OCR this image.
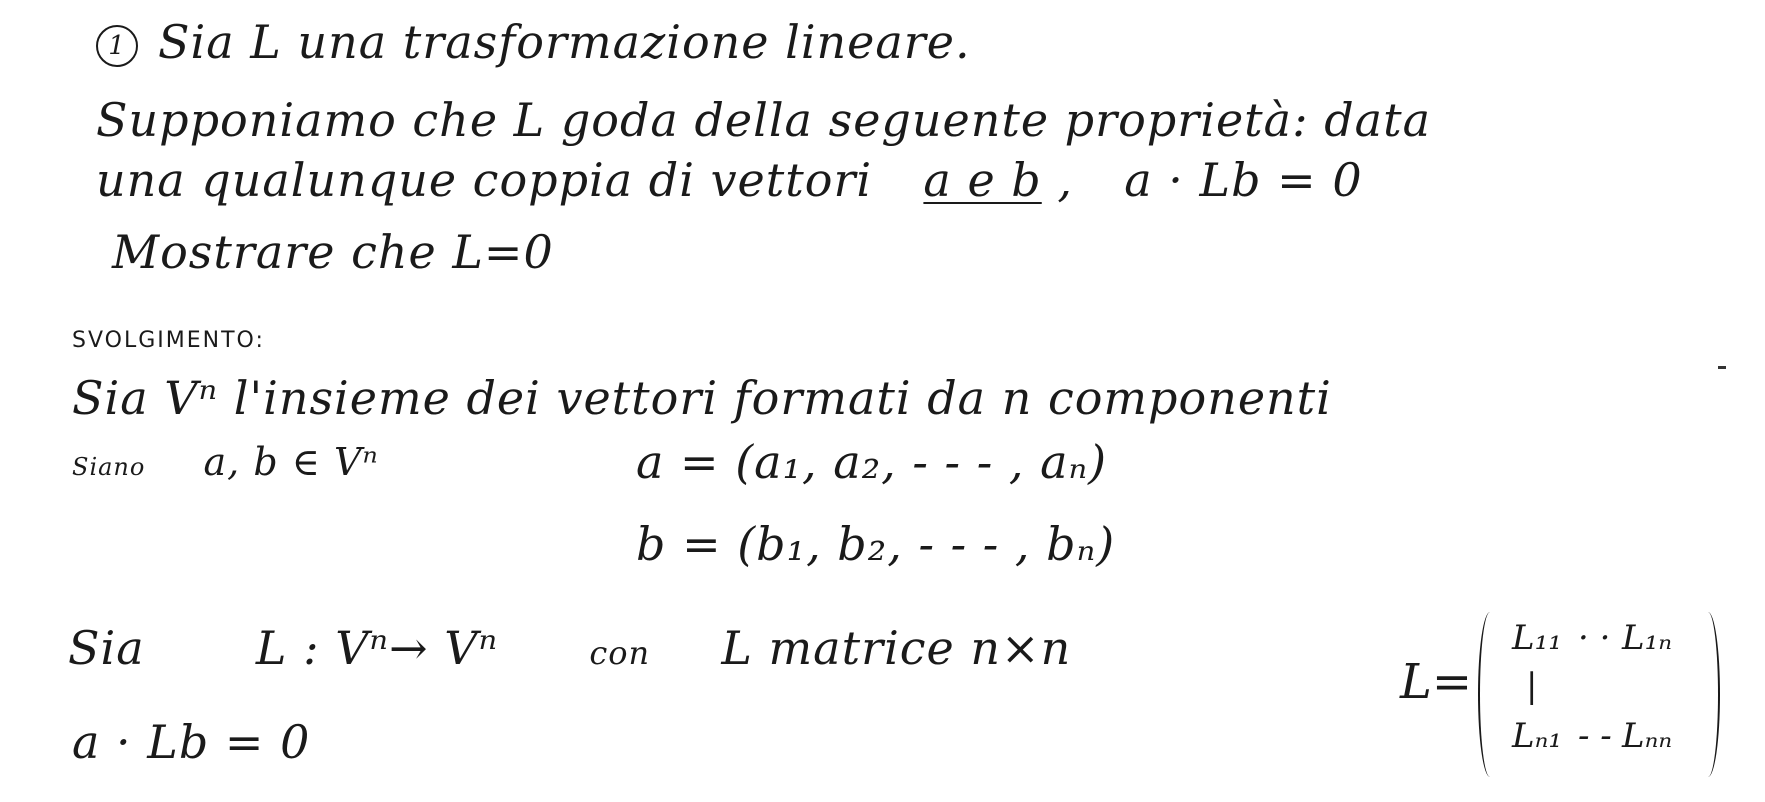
1 Sia L una trasformazione lineare.
Supponiamo che L goda della seguente proprietà: data
una qualunque coppia di vettori a e b , a · Lb = 0
Mostrare che L=0
SVOLGIMENTO:
Sia Vⁿ l'insieme dei vettori formati da n componenti
Siano a, b ∈ Vⁿ	a = (a₁, a₂, - - - , aₙ)
b = (b₁, b₂, - - - , bₙ)
Sia L : Vⁿ→ Vⁿ	con L matrice n×n
a · Lb = 0
L=
L₁₁ · · L₁ₙ
|
Lₙ₁ - - Lₙₙ
